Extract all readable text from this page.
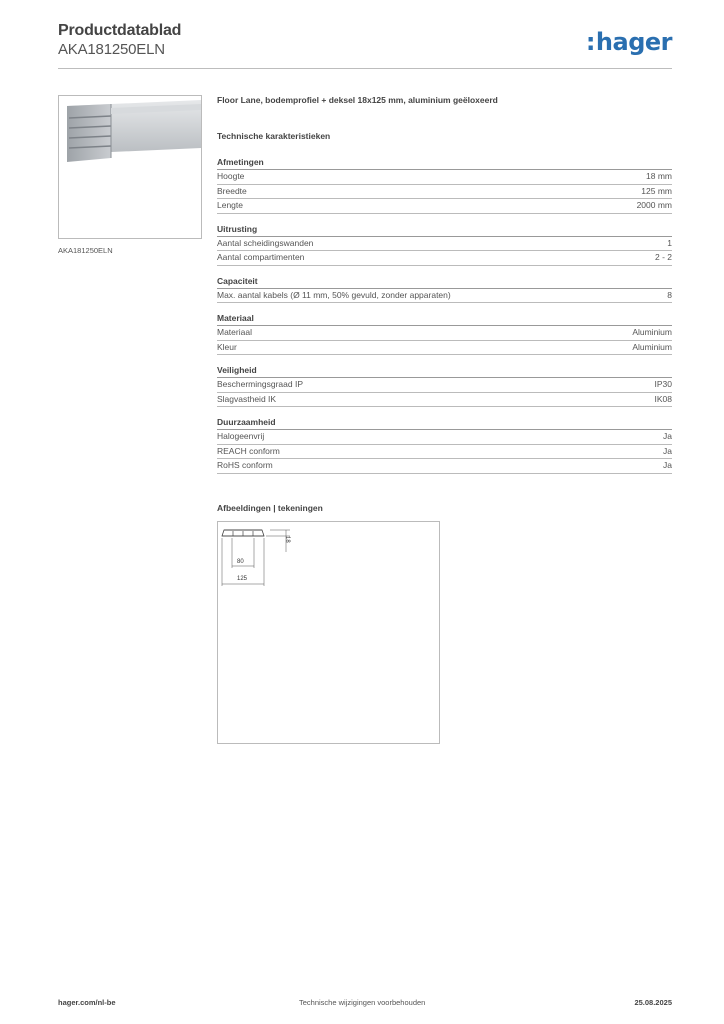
Productdatablad
AKA181250ELN	:hager
AKA181250ELN
Floor Lane, bodemprofiel + deksel 18x125 mm, aluminium geëloxeerd
Technische karakteristieken
Afmetingen
Hoogte	18 mm
Breedte	125 mm
Lengte	2000 mm
Uitrusting
Aantal scheidingswanden	1
Aantal compartimenten	2 - 2
Capaciteit
Max. aantal kabels (Ø 11 mm, 50% gevuld, zonder apparaten)	8
Materiaal
Materiaal	Aluminium
Kleur	Aluminium
Veiligheid
Beschermingsgraad IP	IP30
Slagvastheid IK	IK08
Duurzaamheid
Halogeenvrij	Ja
REACH conform	Ja
RoHS conform	Ja
Afbeeldingen | tekeningen
18
80
125
hager.com/nl-be	Technische wijzigingen voorbehouden	25.08.2025
